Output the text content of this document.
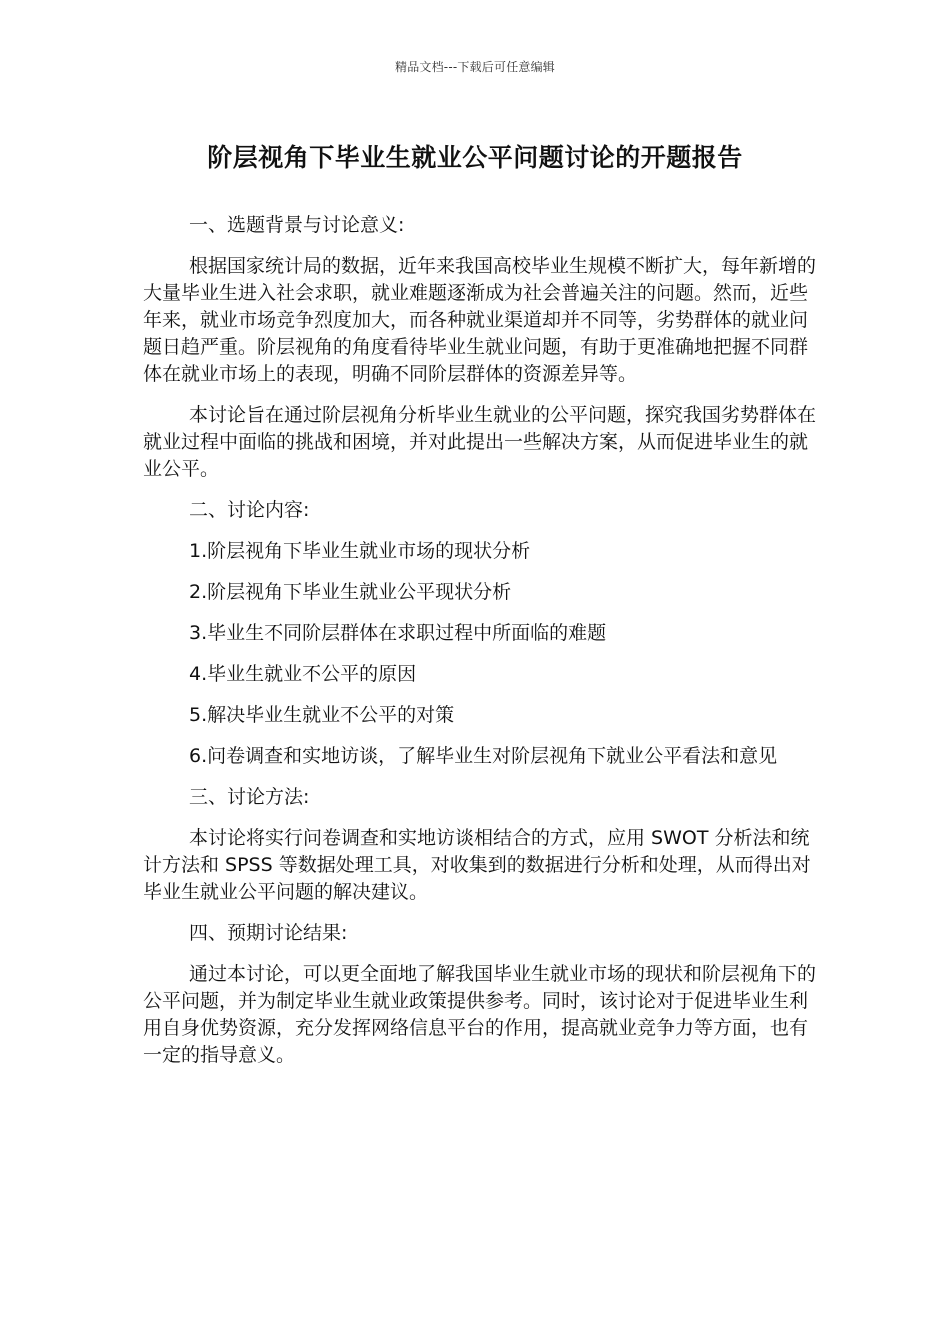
精品文档---下载后可任意编辑
阶层视角下毕业生就业公平问题讨论的开题报告

一、选题背景与讨论意义:

根据国家统计局的数据，近年来我国高校毕业生规模不断扩大，每年新增的大量毕业生进入社会求职，就业难题逐渐成为社会普遍关注的问题。然而，近些年来，就业市场竞争烈度加大，而各种就业渠道却并不同等，劣势群体的就业问题日趋严重。阶层视角的角度看待毕业生就业问题，有助于更准确地把握不同群体在就业市场上的表现，明确不同阶层群体的资源差异等。

本讨论旨在通过阶层视角分析毕业生就业的公平问题，探究我国劣势群体在就业过程中面临的挑战和困境，并对此提出一些解决方案，从而促进毕业生的就业公平。

二、讨论内容:

1.阶层视角下毕业生就业市场的现状分析

2.阶层视角下毕业生就业公平现状分析

3.毕业生不同阶层群体在求职过程中所面临的难题

4.毕业生就业不公平的原因

5.解决毕业生就业不公平的对策

6.问卷调查和实地访谈，了解毕业生对阶层视角下就业公平看法和意见

三、讨论方法:

本讨论将实行问卷调查和实地访谈相结合的方式，应用 SWOT 分析法和统计方法和 SPSS 等数据处理工具，对收集到的数据进行分析和处理，从而得出对毕业生就业公平问题的解决建议。

四、预期讨论结果:

通过本讨论，可以更全面地了解我国毕业生就业市场的现状和阶层视角下的公平问题，并为制定毕业生就业政策提供参考。同时，该讨论对于促进毕业生利用自身优势资源，充分发挥网络信息平台的作用，提高就业竞争力等方面，也有一定的指导意义。
